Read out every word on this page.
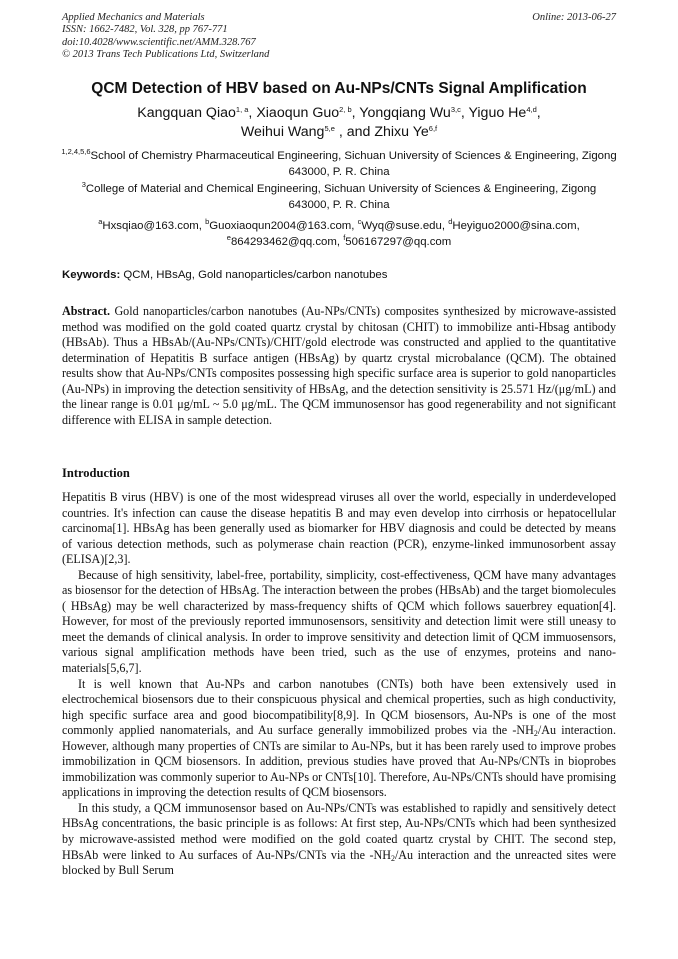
Applied Mechanics and Materials
ISSN: 1662-7482, Vol. 328, pp 767-771
doi:10.4028/www.scientific.net/AMM.328.767
© 2013 Trans Tech Publications Ltd, Switzerland
Online: 2013-06-27
QCM Detection of HBV based on Au-NPs/CNTs Signal Amplification
Kangquan Qiao$^{1, a}$, Xiaoqun Guo$^{2, b}$, Yongqiang Wu$^{3,c}$, Yiguo He$^{4,d}$,
Weihui Wang$^{5,e}$ , and Zhixu Ye$^{6,f}$
$^{1,2,4,5,6}$School of Chemistry Pharmaceutical Engineering, Sichuan University of Sciences & Engineering, Zigong 643000, P. R. China
$^3$College of Material and Chemical Engineering, Sichuan University of Sciences & Engineering, Zigong 643000, P. R. China
$^a$Hxsqiao@163.com, $^b$Guoxiaoqun2004@163.com, $^c$Wyq@suse.edu, $^d$Heyiguo2000@sina.com,
$^e$864293462@qq.com, $^f$506167297@qq.com
Keywords: QCM, HBsAg, Gold nanoparticles/carbon nanotubes
Abstract. Gold nanoparticles/carbon nanotubes (Au-NPs/CNTs) composites synthesized by microwave-assisted method was modified on the gold coated quartz crystal by chitosan (CHIT) to immobilize anti-Hbsag antibody (HBsAb). Thus a HBsAb/(Au-NPs/CNTs)/CHIT/gold electrode was constructed and applied to the quantitative determination of Hepatitis B surface antigen (HBsAg) by quartz crystal microbalance (QCM). The obtained results show that Au-NPs/CNTs composites possessing high specific surface area is superior to gold nanoparticles (Au-NPs) in improving the detection sensitivity of HBsAg, and the detection sensitivity is 25.571 Hz/(μg/mL) and the linear range is 0.01 μg/mL ~ 5.0 μg/mL. The QCM immunosensor has good regenerability and not significant difference with ELISA in sample detection.
Introduction

Hepatitis B virus (HBV) is one of the most widespread viruses all over the world, especially in underdeveloped countries. It's infection can cause the disease hepatitis B and may even develop into cirrhosis or hepatocellular carcinoma[1]. HBsAg has been generally used as biomarker for HBV diagnosis and could be detected by means of various detection methods, such as polymerase chain reaction (PCR), enzyme-linked immunosorbent assay (ELISA)[2,3].

Because of high sensitivity, label-free, portability, simplicity, cost-effectiveness, QCM have many advantages as biosensor for the detection of HBsAg. The interaction between the probes (HBsAb) and the target biomolecules ( HBsAg) may be well characterized by mass-frequency shifts of QCM which follows sauerbrey equation[4]. However, for most of the previously reported immunosensors, sensitivity and detection limit were still uneasy to meet the demands of clinical analysis. In order to improve sensitivity and detection limit of QCM immuosensors, various signal amplification methods have been tried, such as the use of enzymes, proteins and nano-materials[5,6,7].

It is well known that Au-NPs and carbon nanotubes (CNTs) both have been extensively used in electrochemical biosensors due to their conspicuous physical and chemical properties, such as high conductivity, high specific surface area and good biocompatibility[8,9]. In QCM biosensors, Au-NPs is one of the most commonly applied nanomaterials, and Au surface generally immobilized probes via the $-NH_2/Au$ interaction. However, although many properties of CNTs are similar to Au-NPs, but it has been rarely used to improve probes immobilization in QCM biosensors. In addition, previous studies have proved that Au-NPs/CNTs in bioprobes immobilization was commonly superior to Au-NPs or CNTs[10]. Therefore, Au-NPs/CNTs should have promising applications in improving the detection results of QCM biosensors.

In this study, a QCM immunosensor based on Au-NPs/CNTs was established to rapidly and sensitively detect HBsAg concentrations, the basic principle is as follows: At first step, Au-NPs/CNTs which had been synthesized by microwave-assisted method were modified on the gold coated quartz crystal by CHIT. The second step, HBsAb were linked to Au surfaces of Au-NPs/CNTs via the $-NH_2/Au$ interaction and the unreacted sites were blocked by Bull Serum
